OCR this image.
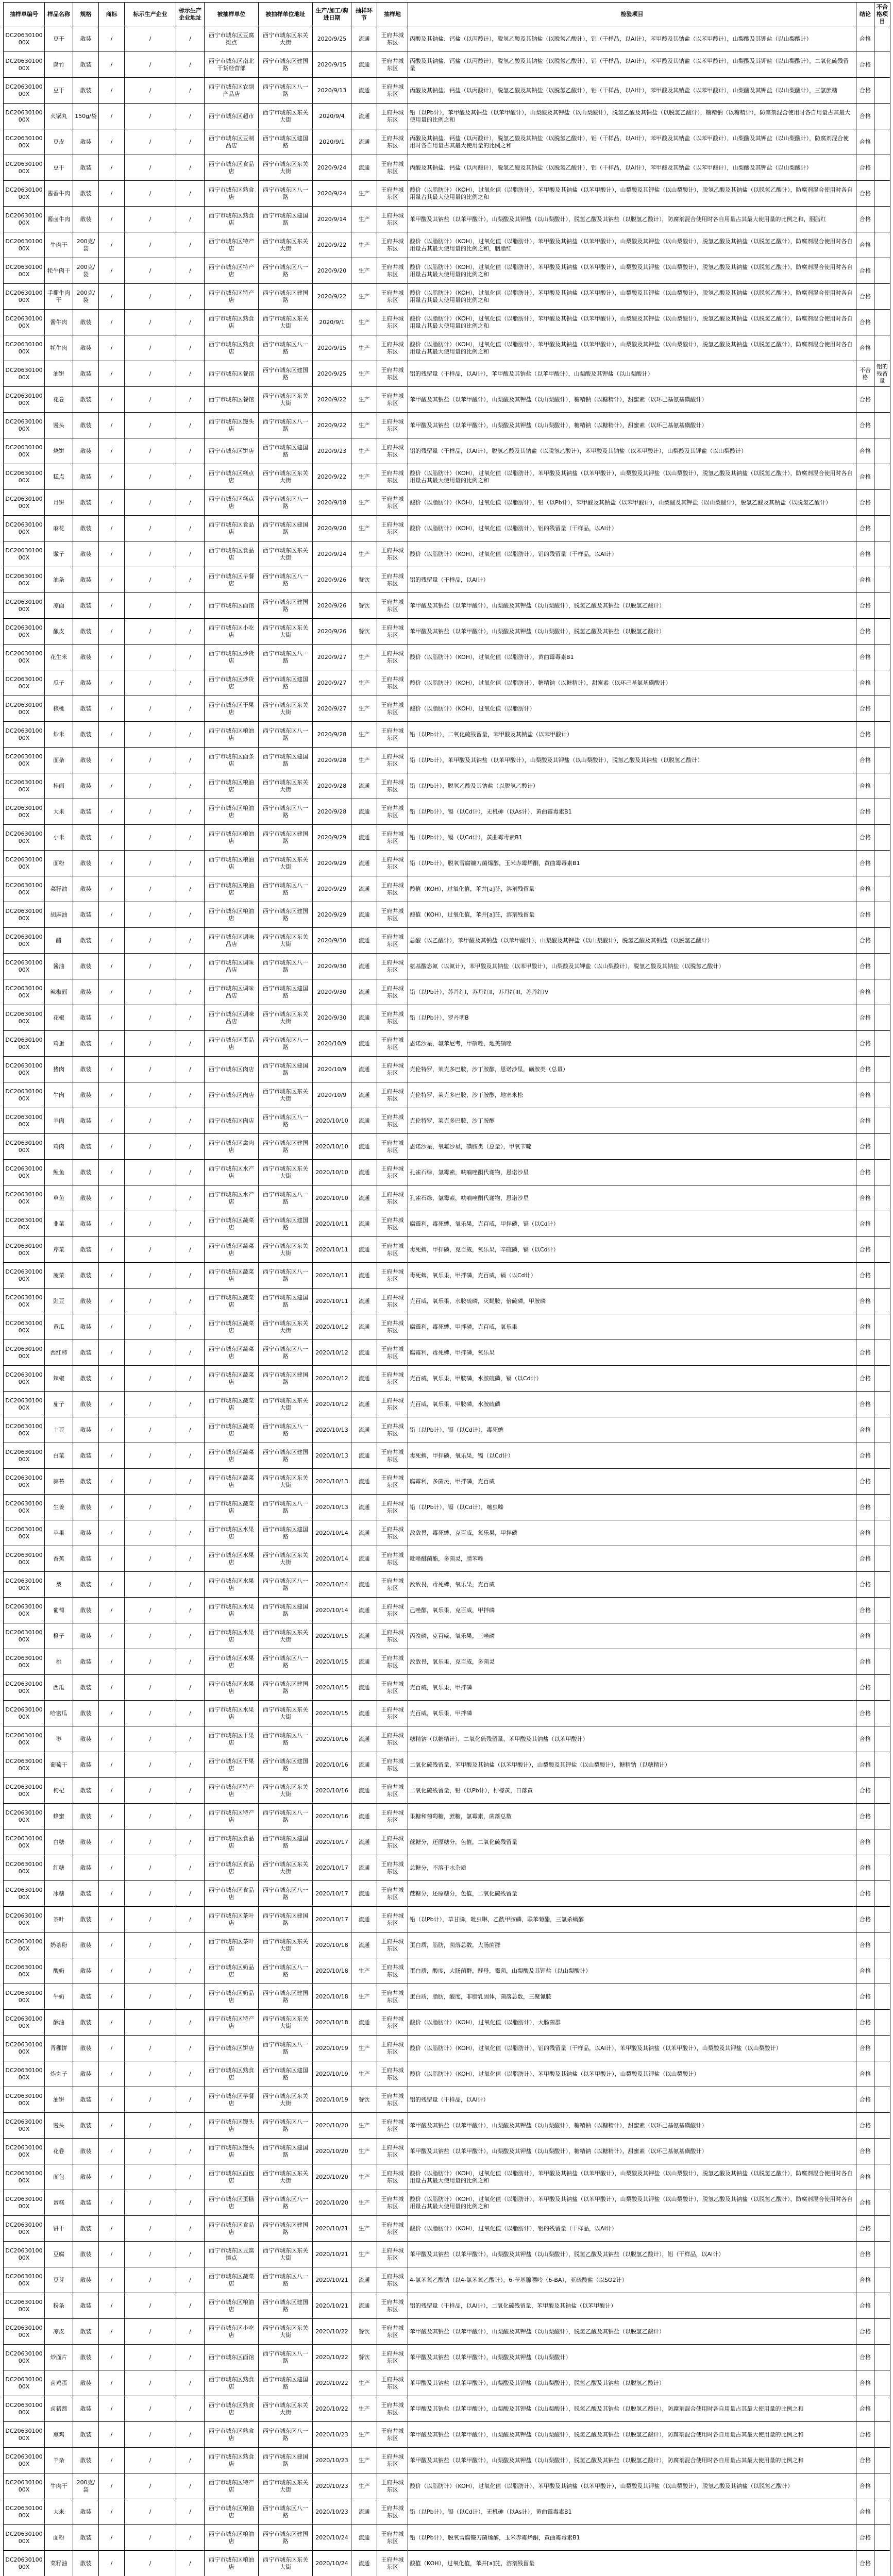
抽样单编号	样品名称	规格	商标	标示生产企业	标示生产企业地址	被抽样单位	被抽样单位地址	生产/加工/购进日期	抽样环节	抽样地	检验项目	结论	不合格项目
DC2063010000X	豆干	散装	/	/	/	西宁市城东区豆腐摊点	西宁市城东区东关大街	2020/9/25	流通	王府井城东区	丙酸及其钠盐、钙盐（以丙酸计），脱氢乙酸及其钠盐（以脱氢乙酸计），铝（干样品，以Al计），苯甲酸及其钠盐（以苯甲酸计），山梨酸及其钾盐（以山梨酸计）	合格	
DC2063010000X	腐竹	散装	/	/	/	西宁市城东区南北干货经营部	西宁市城东区建国路	2020/9/15	流通	王府井城东区	丙酸及其钠盐、钙盐（以丙酸计），脱氢乙酸及其钠盐（以脱氢乙酸计），铝（干样品，以Al计），苯甲酸及其钠盐（以苯甲酸计），山梨酸及其钾盐（以山梨酸计），二氧化硫残留量	合格	
DC2063010000X	豆干	散装	/	/	/	西宁市城东区农副产品店	西宁市城东区八一路	2020/9/13	流通	王府井城东区	丙酸及其钠盐、钙盐（以丙酸计），脱氢乙酸及其钠盐（以脱氢乙酸计），铝（干样品，以Al计），苯甲酸及其钠盐（以苯甲酸计），山梨酸及其钾盐（以山梨酸计），三氯蔗糖	合格	
DC2063010000X	火锅丸	150g/袋	/	/	/	西宁市城东区超市	西宁市城东区东关大街	2020/9/4	流通	王府井城东区	铅（以Pb计），苯甲酸及其钠盐（以苯甲酸计），山梨酸及其钾盐（以山梨酸计），脱氢乙酸及其钠盐（以脱氢乙酸计），糖精钠（以糖精计），防腐剂混合使用时各自用量占其最大使用量的比例之和	合格	
DC2063010000X	豆皮	散装	/	/	/	西宁市城东区豆制品店	西宁市城东区建国路	2020/9/1	流通	王府井城东区	丙酸及其钠盐、钙盐（以丙酸计），脱氢乙酸及其钠盐（以脱氢乙酸计），铝（干样品，以Al计），苯甲酸及其钠盐（以苯甲酸计），山梨酸及其钾盐（以山梨酸计），防腐剂混合使用时各自用量占其最大使用量的比例之和	合格	
DC2063010000X	豆干	散装	/	/	/	西宁市城东区食品店	西宁市城东区东关大街	2020/9/24	流通	王府井城东区	丙酸及其钠盐、钙盐（以丙酸计），脱氢乙酸及其钠盐（以脱氢乙酸计），铝（干样品，以Al计），苯甲酸及其钠盐（以苯甲酸计），山梨酸及其钾盐（以山梨酸计）	合格	
DC2063010000X	酱香牛肉	散装	/	/	/	西宁市城东区熟食店	西宁市城东区八一路	2020/9/24	生产	王府井城东区	酸价（以脂肪计）（KOH），过氧化值（以脂肪计），苯甲酸及其钠盐（以苯甲酸计），山梨酸及其钾盐（以山梨酸计），脱氢乙酸及其钠盐（以脱氢乙酸计），防腐剂混合使用时各自用量占其最大使用量的比例之和	合格	
DC2063010000X	酱卤牛肉	散装	/	/	/	西宁市城东区熟食店	西宁市城东区建国路	2020/9/14	生产	王府井城东区	苯甲酸及其钠盐（以苯甲酸计），山梨酸及其钾盐（以山梨酸计），脱氢乙酸及其钠盐（以脱氢乙酸计），防腐剂混合使用时各自用量占其最大使用量的比例之和，胭脂红	合格	
DC2063010000X	牛肉干	200克/袋	/	/	/	西宁市城东区特产店	西宁市城东区东关大街	2020/9/22	生产	王府井城东区	酸价（以脂肪计）（KOH），过氧化值（以脂肪计），苯甲酸及其钠盐（以苯甲酸计），山梨酸及其钾盐（以山梨酸计），脱氢乙酸及其钠盐（以脱氢乙酸计），防腐剂混合使用时各自用量占其最大使用量的比例之和，胭脂红	合格	
DC2063010000X	牦牛肉干	200克/袋	/	/	/	西宁市城东区特产店	西宁市城东区八一路	2020/9/20	生产	王府井城东区	酸价（以脂肪计）（KOH），过氧化值（以脂肪计），苯甲酸及其钠盐（以苯甲酸计），山梨酸及其钾盐（以山梨酸计），脱氢乙酸及其钠盐（以脱氢乙酸计），防腐剂混合使用时各自用量占其最大使用量的比例之和	合格	
DC2063010000X	手撕牛肉干	200克/袋	/	/	/	西宁市城东区特产店	西宁市城东区建国路	2020/9/22	生产	王府井城东区	酸价（以脂肪计）（KOH），过氧化值（以脂肪计），苯甲酸及其钠盐（以苯甲酸计），山梨酸及其钾盐（以山梨酸计），脱氢乙酸及其钠盐（以脱氢乙酸计），防腐剂混合使用时各自用量占其最大使用量的比例之和	合格	
DC2063010000X	酱牛肉	散装	/	/	/	西宁市城东区熟食店	西宁市城东区东关大街	2020/9/1	生产	王府井城东区	酸价（以脂肪计）（KOH），过氧化值（以脂肪计），苯甲酸及其钠盐（以苯甲酸计），山梨酸及其钾盐（以山梨酸计），脱氢乙酸及其钠盐（以脱氢乙酸计），防腐剂混合使用时各自用量占其最大使用量的比例之和	合格	
DC2063010000X	牦牛肉	散装	/	/	/	西宁市城东区熟食店	西宁市城东区八一路	2020/9/15	生产	王府井城东区	酸价（以脂肪计）（KOH），过氧化值（以脂肪计），苯甲酸及其钠盐（以苯甲酸计），山梨酸及其钾盐（以山梨酸计），脱氢乙酸及其钠盐（以脱氢乙酸计），防腐剂混合使用时各自用量占其最大使用量的比例之和	合格	
DC2063010000X	油饼	散装	/	/	/	西宁市城东区餐馆	西宁市城东区建国路	2020/9/25	生产	王府井城东区	铝的残留量（干样品，以Al计），苯甲酸及其钠盐（以苯甲酸计），山梨酸及其钾盐（以山梨酸计）	不合格	铝的残留量
DC2063010000X	花卷	散装	/	/	/	西宁市城东区餐馆	西宁市城东区东关大街	2020/9/22	生产	王府井城东区	苯甲酸及其钠盐（以苯甲酸计），山梨酸及其钾盐（以山梨酸计），糖精钠（以糖精计），甜蜜素（以环己基氨基磺酸计）	合格	
DC2063010000X	馒头	散装	/	/	/	西宁市城东区馒头店	西宁市城东区八一路	2020/9/22	生产	王府井城东区	苯甲酸及其钠盐（以苯甲酸计），山梨酸及其钾盐（以山梨酸计），糖精钠（以糖精计），甜蜜素（以环己基氨基磺酸计）	合格	
DC2063010000X	烧饼	散装	/	/	/	西宁市城东区饼店	西宁市城东区建国路	2020/9/23	生产	王府井城东区	铝的残留量（干样品，以Al计），脱氢乙酸及其钠盐（以脱氢乙酸计），苯甲酸及其钠盐（以苯甲酸计），山梨酸及其钾盐（以山梨酸计）	合格	
DC2063010000X	糕点	散装	/	/	/	西宁市城东区糕点店	西宁市城东区东关大街	2020/9/22	生产	王府井城东区	酸价（以脂肪计）（KOH），过氧化值（以脂肪计），苯甲酸及其钠盐（以苯甲酸计），山梨酸及其钾盐（以山梨酸计），脱氢乙酸及其钠盐（以脱氢乙酸计），防腐剂混合使用时各自用量占其最大使用量的比例之和	合格	
DC2063010000X	月饼	散装	/	/	/	西宁市城东区糕点店	西宁市城东区八一路	2020/9/18	生产	王府井城东区	酸价（以脂肪计）（KOH），过氧化值（以脂肪计），铅（以Pb计），苯甲酸及其钠盐（以苯甲酸计），山梨酸及其钾盐（以山梨酸计），脱氢乙酸及其钠盐（以脱氢乙酸计）	合格	
DC2063010000X	麻花	散装	/	/	/	西宁市城东区食品店	西宁市城东区建国路	2020/9/20	生产	王府井城东区	酸价（以脂肪计）（KOH），过氧化值（以脂肪计），铝的残留量（干样品，以Al计）	合格	
DC2063010000X	馓子	散装	/	/	/	西宁市城东区食品店	西宁市城东区东关大街	2020/9/24	生产	王府井城东区	酸价（以脂肪计）（KOH），过氧化值（以脂肪计），铝的残留量（干样品，以Al计）	合格	
DC2063010000X	油条	散装	/	/	/	西宁市城东区早餐店	西宁市城东区八一路	2020/9/26	餐饮	王府井城东区	铝的残留量（干样品，以Al计）	合格	
DC2063010000X	凉面	散装	/	/	/	西宁市城东区面馆	西宁市城东区建国路	2020/9/26	餐饮	王府井城东区	苯甲酸及其钠盐（以苯甲酸计），山梨酸及其钾盐（以山梨酸计），脱氢乙酸及其钠盐（以脱氢乙酸计）	合格	
DC2063010000X	酿皮	散装	/	/	/	西宁市城东区小吃店	西宁市城东区东关大街	2020/9/26	餐饮	王府井城东区	苯甲酸及其钠盐（以苯甲酸计），山梨酸及其钾盐（以山梨酸计），脱氢乙酸及其钠盐（以脱氢乙酸计）	合格	
DC2063010000X	花生米	散装	/	/	/	西宁市城东区炒货店	西宁市城东区八一路	2020/9/27	生产	王府井城东区	酸价（以脂肪计）（KOH），过氧化值（以脂肪计），黄曲霉毒素B1	合格	
DC2063010000X	瓜子	散装	/	/	/	西宁市城东区炒货店	西宁市城东区建国路	2020/9/27	生产	王府井城东区	酸价（以脂肪计）（KOH），过氧化值（以脂肪计），糖精钠（以糖精计），甜蜜素（以环己基氨基磺酸计）	合格	
DC2063010000X	核桃	散装	/	/	/	西宁市城东区干果店	西宁市城东区东关大街	2020/9/27	生产	王府井城东区	酸价（以脂肪计）（KOH），过氧化值（以脂肪计）	合格	
DC2063010000X	炒米	散装	/	/	/	西宁市城东区粮油店	西宁市城东区八一路	2020/9/28	生产	王府井城东区	铅（以Pb计），二氧化硫残留量，苯甲酸及其钠盐（以苯甲酸计）	合格	
DC2063010000X	面条	散装	/	/	/	西宁市城东区面条店	西宁市城东区建国路	2020/9/28	生产	王府井城东区	铅（以Pb计），苯甲酸及其钠盐（以苯甲酸计），山梨酸及其钾盐（以山梨酸计），脱氢乙酸及其钠盐（以脱氢乙酸计）	合格	
DC2063010000X	挂面	散装	/	/	/	西宁市城东区粮油店	西宁市城东区东关大街	2020/9/28	流通	王府井城东区	铅（以Pb计），脱氢乙酸及其钠盐（以脱氢乙酸计）	合格	
DC2063010000X	大米	散装	/	/	/	西宁市城东区粮油店	西宁市城东区八一路	2020/9/28	流通	王府井城东区	铅（以Pb计），镉（以Cd计），无机砷（以As计），黄曲霉毒素B1	合格	
DC2063010000X	小米	散装	/	/	/	西宁市城东区粮油店	西宁市城东区建国路	2020/9/29	流通	王府井城东区	铅（以Pb计），镉（以Cd计），黄曲霉毒素B1	合格	
DC2063010000X	面粉	散装	/	/	/	西宁市城东区粮油店	西宁市城东区东关大街	2020/9/29	流通	王府井城东区	铅（以Pb计），脱氧雪腐镰刀菌烯醇，玉米赤霉烯酮，黄曲霉毒素B1	合格	
DC2063010000X	菜籽油	散装	/	/	/	西宁市城东区粮油店	西宁市城东区八一路	2020/9/29	流通	王府井城东区	酸值（KOH），过氧化值，苯并[a]芘，溶剂残留量	合格	
DC2063010000X	胡麻油	散装	/	/	/	西宁市城东区粮油店	西宁市城东区建国路	2020/9/29	流通	王府井城东区	酸值（KOH），过氧化值，苯并[a]芘，溶剂残留量	合格	
DC2063010000X	醋	散装	/	/	/	西宁市城东区调味品店	西宁市城东区东关大街	2020/9/30	流通	王府井城东区	总酸（以乙酸计），苯甲酸及其钠盐（以苯甲酸计），山梨酸及其钾盐（以山梨酸计），脱氢乙酸及其钠盐（以脱氢乙酸计）	合格	
DC2063010000X	酱油	散装	/	/	/	西宁市城东区调味品店	西宁市城东区八一路	2020/9/30	流通	王府井城东区	氨基酸态氮（以氮计），苯甲酸及其钠盐（以苯甲酸计），山梨酸及其钾盐（以山梨酸计），脱氢乙酸及其钠盐（以脱氢乙酸计）	合格	
DC2063010000X	辣椒面	散装	/	/	/	西宁市城东区调味品店	西宁市城东区建国路	2020/9/30	流通	王府井城东区	铅（以Pb计），苏丹红I，苏丹红II，苏丹红III，苏丹红IV	合格	
DC2063010000X	花椒	散装	/	/	/	西宁市城东区调味品店	西宁市城东区东关大街	2020/9/30	流通	王府井城东区	铅（以Pb计），罗丹明B	合格	
DC2063010000X	鸡蛋	散装	/	/	/	西宁市城东区蛋品店	西宁市城东区八一路	2020/10/9	流通	王府井城东区	恩诺沙星，氟苯尼考，甲硝唑，地美硝唑	合格	
DC2063010000X	猪肉	散装	/	/	/	西宁市城东区肉店	西宁市城东区建国路	2020/10/9	流通	王府井城东区	克伦特罗，莱克多巴胺，沙丁胺醇，恩诺沙星，磺胺类（总量）	合格	
DC2063010000X	牛肉	散装	/	/	/	西宁市城东区肉店	西宁市城东区东关大街	2020/10/9	流通	王府井城东区	克伦特罗，莱克多巴胺，沙丁胺醇，地塞米松	合格	
DC2063010000X	羊肉	散装	/	/	/	西宁市城东区肉店	西宁市城东区八一路	2020/10/10	流通	王府井城东区	克伦特罗，莱克多巴胺，沙丁胺醇	合格	
DC2063010000X	鸡肉	散装	/	/	/	西宁市城东区禽肉店	西宁市城东区建国路	2020/10/10	流通	王府井城东区	恩诺沙星，氧氟沙星，磺胺类（总量），甲氧苄啶	合格	
DC2063010000X	鲤鱼	散装	/	/	/	西宁市城东区水产店	西宁市城东区东关大街	2020/10/10	流通	王府井城东区	孔雀石绿，氯霉素，呋喃唑酮代谢物，恩诺沙星	合格	
DC2063010000X	草鱼	散装	/	/	/	西宁市城东区水产店	西宁市城东区八一路	2020/10/10	流通	王府井城东区	孔雀石绿，氯霉素，呋喃唑酮代谢物，恩诺沙星	合格	
DC2063010000X	韭菜	散装	/	/	/	西宁市城东区蔬菜店	西宁市城东区建国路	2020/10/11	流通	王府井城东区	腐霉利，毒死蜱，氧乐果，克百威，甲拌磷，镉（以Cd计）	合格	
DC2063010000X	芹菜	散装	/	/	/	西宁市城东区蔬菜店	西宁市城东区东关大街	2020/10/11	流通	王府井城东区	毒死蜱，甲拌磷，克百威，氧乐果，辛硫磷，镉（以Cd计）	合格	
DC2063010000X	菠菜	散装	/	/	/	西宁市城东区蔬菜店	西宁市城东区八一路	2020/10/11	流通	王府井城东区	毒死蜱，氧乐果，甲拌磷，克百威，镉（以Cd计）	合格	
DC2063010000X	豇豆	散装	/	/	/	西宁市城东区蔬菜店	西宁市城东区建国路	2020/10/11	流通	王府井城东区	克百威，氧乐果，水胺硫磷，灭蝇胺，倍硫磷，甲胺磷	合格	
DC2063010000X	黄瓜	散装	/	/	/	西宁市城东区蔬菜店	西宁市城东区东关大街	2020/10/12	流通	王府井城东区	腐霉利，毒死蜱，甲拌磷，克百威，氧乐果	合格	
DC2063010000X	西红柿	散装	/	/	/	西宁市城东区蔬菜店	西宁市城东区八一路	2020/10/12	流通	王府井城东区	腐霉利，毒死蜱，甲拌磷，氧乐果	合格	
DC2063010000X	辣椒	散装	/	/	/	西宁市城东区蔬菜店	西宁市城东区建国路	2020/10/12	流通	王府井城东区	克百威，氧乐果，甲胺磷，水胺硫磷，镉（以Cd计）	合格	
DC2063010000X	茄子	散装	/	/	/	西宁市城东区蔬菜店	西宁市城东区东关大街	2020/10/12	流通	王府井城东区	克百威，氧乐果，甲胺磷，水胺硫磷	合格	
DC2063010000X	土豆	散装	/	/	/	西宁市城东区蔬菜店	西宁市城东区八一路	2020/10/13	流通	王府井城东区	铅（以Pb计），镉（以Cd计），毒死蜱	合格	
DC2063010000X	白菜	散装	/	/	/	西宁市城东区蔬菜店	西宁市城东区建国路	2020/10/13	流通	王府井城东区	毒死蜱，甲拌磷，氧乐果，镉（以Cd计）	合格	
DC2063010000X	蒜苔	散装	/	/	/	西宁市城东区蔬菜店	西宁市城东区东关大街	2020/10/13	流通	王府井城东区	腐霉利，多菌灵，甲拌磷，克百威	合格	
DC2063010000X	生姜	散装	/	/	/	西宁市城东区蔬菜店	西宁市城东区八一路	2020/10/13	流通	王府井城东区	铅（以Pb计），镉（以Cd计），噻虫嗪	合格	
DC2063010000X	苹果	散装	/	/	/	西宁市城东区水果店	西宁市城东区建国路	2020/10/14	流通	王府井城东区	敌敌畏，毒死蜱，克百威，氧乐果，甲拌磷	合格	
DC2063010000X	香蕉	散装	/	/	/	西宁市城东区水果店	西宁市城东区东关大街	2020/10/14	流通	王府井城东区	吡唑醚菌酯，多菌灵，腈苯唑	合格	
DC2063010000X	梨	散装	/	/	/	西宁市城东区水果店	西宁市城东区八一路	2020/10/14	流通	王府井城东区	敌敌畏，毒死蜱，氧乐果，克百威	合格	
DC2063010000X	葡萄	散装	/	/	/	西宁市城东区水果店	西宁市城东区建国路	2020/10/14	流通	王府井城东区	己唑醇，氧乐果，克百威，甲拌磷	合格	
DC2063010000X	橙子	散装	/	/	/	西宁市城东区水果店	西宁市城东区东关大街	2020/10/15	流通	王府井城东区	丙溴磷，克百威，氧乐果，三唑磷	合格	
DC2063010000X	桃	散装	/	/	/	西宁市城东区水果店	西宁市城东区八一路	2020/10/15	流通	王府井城东区	敌敌畏，氧乐果，克百威，多菌灵	合格	
DC2063010000X	西瓜	散装	/	/	/	西宁市城东区水果店	西宁市城东区建国路	2020/10/15	流通	王府井城东区	克百威，氧乐果，甲拌磷	合格	
DC2063010000X	哈密瓜	散装	/	/	/	西宁市城东区水果店	西宁市城东区东关大街	2020/10/15	流通	王府井城东区	克百威，氧乐果，甲拌磷	合格	
DC2063010000X	枣	散装	/	/	/	西宁市城东区干果店	西宁市城东区八一路	2020/10/16	流通	王府井城东区	糖精钠（以糖精计），二氧化硫残留量，苯甲酸及其钠盐（以苯甲酸计）	合格	
DC2063010000X	葡萄干	散装	/	/	/	西宁市城东区干果店	西宁市城东区建国路	2020/10/16	流通	王府井城东区	二氧化硫残留量，苯甲酸及其钠盐（以苯甲酸计），山梨酸及其钾盐（以山梨酸计），糖精钠（以糖精计）	合格	
DC2063010000X	枸杞	散装	/	/	/	西宁市城东区特产店	西宁市城东区东关大街	2020/10/16	流通	王府井城东区	二氧化硫残留量，铅（以Pb计），柠檬黄，日落黄	合格	
DC2063010000X	蜂蜜	散装	/	/	/	西宁市城东区特产店	西宁市城东区八一路	2020/10/16	流通	王府井城东区	果糖和葡萄糖，蔗糖，氯霉素，菌落总数	合格	
DC2063010000X	白糖	散装	/	/	/	西宁市城东区食品店	西宁市城东区建国路	2020/10/17	流通	王府井城东区	蔗糖分，还原糖分，色值，二氧化硫残留量	合格	
DC2063010000X	红糖	散装	/	/	/	西宁市城东区食品店	西宁市城东区东关大街	2020/10/17	流通	王府井城东区	总糖分，不溶于水杂质	合格	
DC2063010000X	冰糖	散装	/	/	/	西宁市城东区食品店	西宁市城东区八一路	2020/10/17	流通	王府井城东区	蔗糖分，还原糖分，色值，二氧化硫残留量	合格	
DC2063010000X	茶叶	散装	/	/	/	西宁市城东区茶叶店	西宁市城东区建国路	2020/10/17	流通	王府井城东区	铅（以Pb计），草甘膦，吡虫啉，乙酰甲胺磷，联苯菊酯，三氯杀螨醇	合格	
DC2063010000X	奶茶粉	散装	/	/	/	西宁市城东区茶叶店	西宁市城东区东关大街	2020/10/18	流通	王府井城东区	蛋白质，脂肪，菌落总数，大肠菌群	合格	
DC2063010000X	酸奶	散装	/	/	/	西宁市城东区奶品店	西宁市城东区八一路	2020/10/18	生产	王府井城东区	蛋白质，酸度，大肠菌群，酵母，霉菌，山梨酸及其钾盐（以山梨酸计）	合格	
DC2063010000X	牛奶	散装	/	/	/	西宁市城东区奶品店	西宁市城东区建国路	2020/10/18	生产	王府井城东区	蛋白质，脂肪，酸度，非脂乳固体，菌落总数，三聚氰胺	合格	
DC2063010000X	酥油	散装	/	/	/	西宁市城东区特产店	西宁市城东区东关大街	2020/10/18	流通	王府井城东区	酸价（以脂肪计）（KOH），过氧化值（以脂肪计），大肠菌群	合格	
DC2063010000X	青稞饼	散装	/	/	/	西宁市城东区饼店	西宁市城东区八一路	2020/10/19	生产	王府井城东区	酸价（以脂肪计）（KOH），过氧化值（以脂肪计），铝的残留量（干样品，以Al计），苯甲酸及其钠盐（以苯甲酸计），山梨酸及其钾盐（以山梨酸计）	合格	
DC2063010000X	炸丸子	散装	/	/	/	西宁市城东区熟食店	西宁市城东区建国路	2020/10/19	生产	王府井城东区	酸价（以脂肪计）（KOH），过氧化值（以脂肪计），苯甲酸及其钠盐（以苯甲酸计），山梨酸及其钾盐（以山梨酸计）	合格	
DC2063010000X	油饼	散装	/	/	/	西宁市城东区早餐店	西宁市城东区东关大街	2020/10/19	餐饮	王府井城东区	铝的残留量（干样品，以Al计）	合格	
DC2063010000X	馒头	散装	/	/	/	西宁市城东区馒头店	西宁市城东区八一路	2020/10/20	生产	王府井城东区	苯甲酸及其钠盐（以苯甲酸计），山梨酸及其钾盐（以山梨酸计），糖精钠（以糖精计），甜蜜素（以环己基氨基磺酸计）	合格	
DC2063010000X	花卷	散装	/	/	/	西宁市城东区馒头店	西宁市城东区建国路	2020/10/20	生产	王府井城东区	苯甲酸及其钠盐（以苯甲酸计），山梨酸及其钾盐（以山梨酸计），糖精钠（以糖精计），甜蜜素（以环己基氨基磺酸计）	合格	
DC2063010000X	面包	散装	/	/	/	西宁市城东区面包店	西宁市城东区东关大街	2020/10/20	生产	王府井城东区	酸价（以脂肪计）（KOH），过氧化值（以脂肪计），苯甲酸及其钠盐（以苯甲酸计），山梨酸及其钾盐（以山梨酸计），脱氢乙酸及其钠盐（以脱氢乙酸计），防腐剂混合使用时各自用量占其最大使用量的比例之和	合格	
DC2063010000X	蛋糕	散装	/	/	/	西宁市城东区蛋糕店	西宁市城东区八一路	2020/10/20	生产	王府井城东区	酸价（以脂肪计）（KOH），过氧化值（以脂肪计），苯甲酸及其钠盐（以苯甲酸计），山梨酸及其钾盐（以山梨酸计），脱氢乙酸及其钠盐（以脱氢乙酸计），防腐剂混合使用时各自用量占其最大使用量的比例之和	合格	
DC2063010000X	饼干	散装	/	/	/	西宁市城东区食品店	西宁市城东区建国路	2020/10/21	生产	王府井城东区	酸价（以脂肪计）（KOH），过氧化值（以脂肪计），铝的残留量（干样品，以Al计）	合格	
DC2063010000X	豆腐	散装	/	/	/	西宁市城东区豆腐摊点	西宁市城东区东关大街	2020/10/21	生产	王府井城东区	苯甲酸及其钠盐（以苯甲酸计），山梨酸及其钾盐（以山梨酸计），脱氢乙酸及其钠盐（以脱氢乙酸计），铝（干样品，以Al计）	合格	
DC2063010000X	豆芽	散装	/	/	/	西宁市城东区蔬菜店	西宁市城东区八一路	2020/10/21	流通	王府井城东区	4-氯苯氧乙酸钠（以4-氯苯氧乙酸计），6-苄基腺嘌呤（6-BA），亚硫酸盐（以SO2计）	合格	
DC2063010000X	粉条	散装	/	/	/	西宁市城东区粮油店	西宁市城东区建国路	2020/10/21	流通	王府井城东区	铝的残留量（干样品，以Al计），二氧化硫残留量，苯甲酸及其钠盐（以苯甲酸计）	合格	
DC2063010000X	凉皮	散装	/	/	/	西宁市城东区小吃店	西宁市城东区东关大街	2020/10/22	餐饮	王府井城东区	苯甲酸及其钠盐（以苯甲酸计），山梨酸及其钾盐（以山梨酸计），脱氢乙酸及其钠盐（以脱氢乙酸计）	合格	
DC2063010000X	炒面片	散装	/	/	/	西宁市城东区面馆	西宁市城东区八一路	2020/10/22	餐饮	王府井城东区	苯甲酸及其钠盐（以苯甲酸计），山梨酸及其钾盐（以山梨酸计）	合格	
DC2063010000X	卤鸡蛋	散装	/	/	/	西宁市城东区熟食店	西宁市城东区建国路	2020/10/22	生产	王府井城东区	苯甲酸及其钠盐（以苯甲酸计），山梨酸及其钾盐（以山梨酸计），脱氢乙酸及其钠盐（以脱氢乙酸计）	合格	
DC2063010000X	卤猪蹄	散装	/	/	/	西宁市城东区熟食店	西宁市城东区东关大街	2020/10/22	生产	王府井城东区	苯甲酸及其钠盐（以苯甲酸计），山梨酸及其钾盐（以山梨酸计），脱氢乙酸及其钠盐（以脱氢乙酸计），防腐剂混合使用时各自用量占其最大使用量的比例之和	合格	
DC2063010000X	熏鸡	散装	/	/	/	西宁市城东区熟食店	西宁市城东区八一路	2020/10/23	生产	王府井城东区	苯甲酸及其钠盐（以苯甲酸计），山梨酸及其钾盐（以山梨酸计），脱氢乙酸及其钠盐（以脱氢乙酸计），防腐剂混合使用时各自用量占其最大使用量的比例之和	合格	
DC2063010000X	羊杂	散装	/	/	/	西宁市城东区熟食店	西宁市城东区建国路	2020/10/23	生产	王府井城东区	苯甲酸及其钠盐（以苯甲酸计），山梨酸及其钾盐（以山梨酸计），脱氢乙酸及其钠盐（以脱氢乙酸计），防腐剂混合使用时各自用量占其最大使用量的比例之和	合格	
DC2063010000X	牛肉干	200克/袋	/	/	/	西宁市城东区特产店	西宁市城东区东关大街	2020/10/23	生产	王府井城东区	酸价（以脂肪计）（KOH），过氧化值（以脂肪计），苯甲酸及其钠盐（以苯甲酸计），山梨酸及其钾盐（以山梨酸计），脱氢乙酸及其钠盐（以脱氢乙酸计）	合格	
DC2063010000X	大米	散装	/	/	/	西宁市城东区粮油店	西宁市城东区八一路	2020/10/23	流通	王府井城东区	铅（以Pb计），镉（以Cd计），无机砷（以As计），黄曲霉毒素B1	合格	
DC2063010000X	面粉	散装	/	/	/	西宁市城东区粮油店	西宁市城东区建国路	2020/10/24	流通	王府井城东区	铅（以Pb计），脱氧雪腐镰刀菌烯醇，玉米赤霉烯酮，黄曲霉毒素B1	合格	
DC2063010000X	菜籽油	散装	/	/	/	西宁市城东区粮油店	西宁市城东区东关大街	2020/10/24	流通	王府井城东区	酸值（KOH），过氧化值，苯并[a]芘，溶剂残留量	合格	
